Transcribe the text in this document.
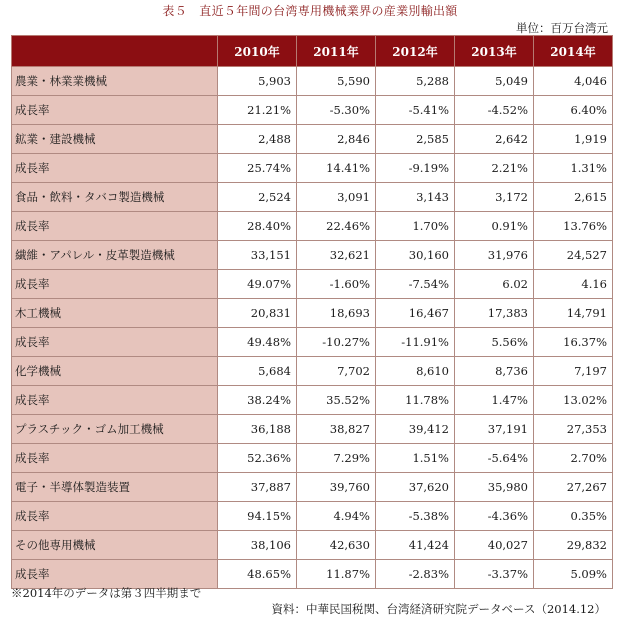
表５　直近５年間の台湾専用機械業界の産業別輸出額
単位：百万台湾元
	2010年	2011年	2012年	2013年	2014年
農業・林業業機械	5,903	5,590	5,288	5,049	4,046
成長率	21.21%	-5.30%	-5.41%	-4.52%	6.40%
鉱業・建設機械	2,488	2,846	2,585	2,642	1,919
成長率	25.74%	14.41%	-9.19%	2.21%	1.31%
食品・飲料・タバコ製造機械	2,524	3,091	3,143	3,172	2,615
成長率	28.40%	22.46%	1.70%	0.91%	13.76%
繊維・アパレル・皮革製造機械	33,151	32,621	30,160	31,976	24,527
成長率	49.07%	-1.60%	-7.54%	6.02	4.16
木工機械	20,831	18,693	16,467	17,383	14,791
成長率	49.48%	-10.27%	-11.91%	5.56%	16.37%
化学機械	5,684	7,702	8,610	8,736	7,197
成長率	38.24%	35.52%	11.78%	1.47%	13.02%
プラスチック・ゴム加工機械	36,188	38,827	39,412	37,191	27,353
成長率	52.36%	7.29%	1.51%	-5.64%	2.70%
電子・半導体製造装置	37,887	39,760	37,620	35,980	27,267
成長率	94.15%	4.94%	-5.38%	-4.36%	0.35%
その他専用機械	38,106	42,630	41,424	40,027	29,832
成長率	48.65%	11.87%	-2.83%	-3.37%	5.09%
※2014年のデータは第３四半期まで
資料：中華民国税関、台湾経済研究院データベース（2014.12）
